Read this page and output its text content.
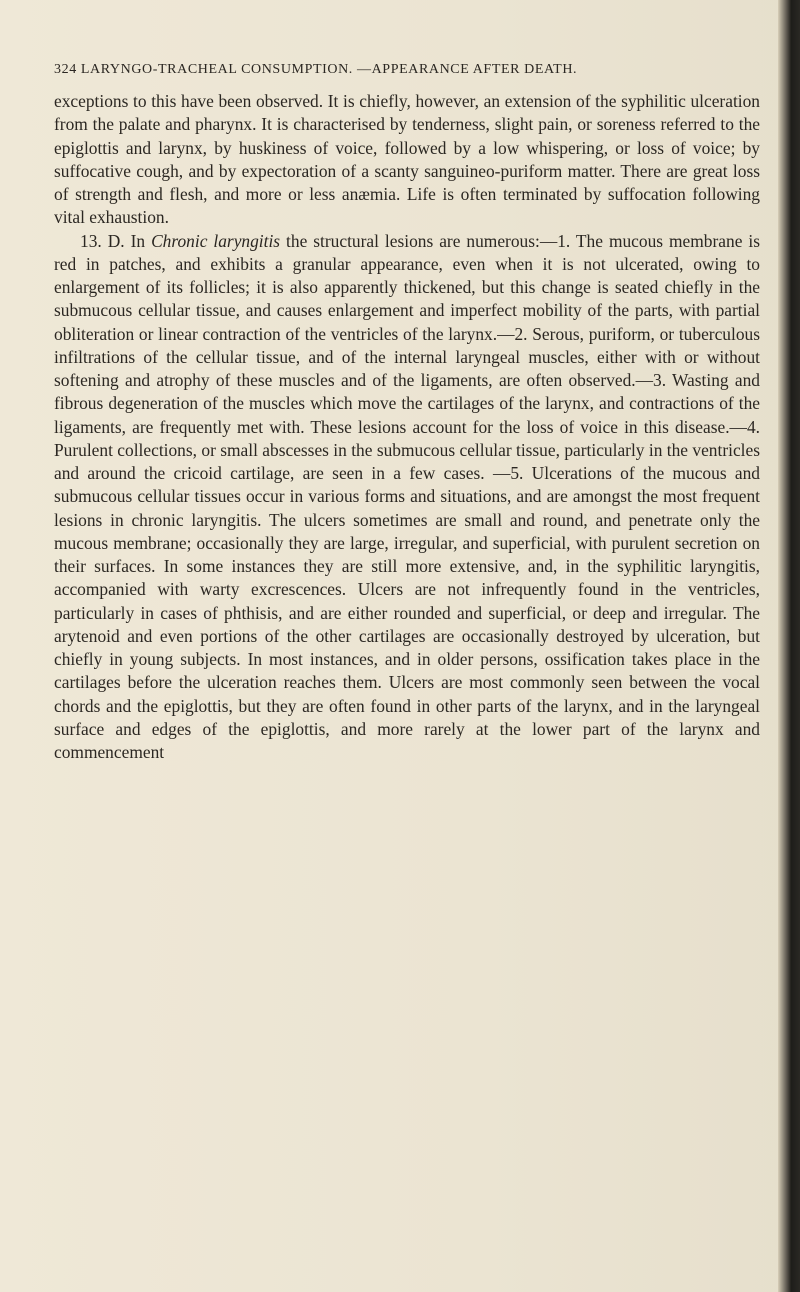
324 LARYNGO-TRACHEAL CONSUMPTION. —APPEARANCE AFTER DEATH.

exceptions to this have been observed. It is chiefly, however, an extension of the syphilitic ulceration from the palate and pharynx. It is characterised by tenderness, slight pain, or soreness referred to the epiglottis and larynx, by huskiness of voice, followed by a low whispering, or loss of voice; by suffocative cough, and by expectoration of a scanty sanguineo-puriform matter. There are great loss of strength and flesh, and more or less anæmia. Life is often terminated by suffocation following vital exhaustion.

13. D. In Chronic laryngitis the structural lesions are numerous:—1. The mucous membrane is red in patches, and exhibits a granular appearance, even when it is not ulcerated, owing to enlargement of its follicles; it is also apparently thickened, but this change is seated chiefly in the submucous cellular tissue, and causes enlargement and imperfect mobility of the parts, with partial obliteration or linear contraction of the ventricles of the larynx.—2. Serous, puriform, or tuberculous infiltrations of the cellular tissue, and of the internal laryngeal muscles, either with or without softening and atrophy of these muscles and of the ligaments, are often observed.—3. Wasting and fibrous degeneration of the muscles which move the cartilages of the larynx, and contractions of the ligaments, are frequently met with. These lesions account for the loss of voice in this disease.—4. Purulent collections, or small abscesses in the submucous cellular tissue, particularly in the ventricles and around the cricoid cartilage, are seen in a few cases. —5. Ulcerations of the mucous and submucous cellular tissues occur in various forms and situations, and are amongst the most frequent lesions in chronic laryngitis. The ulcers sometimes are small and round, and penetrate only the mucous membrane; occasionally they are large, irregular, and superficial, with purulent secretion on their surfaces. In some instances they are still more extensive, and, in the syphilitic laryngitis, accompanied with warty excrescences. Ulcers are not infrequently found in the ventricles, particularly in cases of phthisis, and are either rounded and superficial, or deep and irregular. The arytenoid and even portions of the other cartilages are occasionally destroyed by ulceration, but chiefly in young subjects. In most instances, and in older persons, ossification takes place in the cartilages before the ulceration reaches them. Ulcers are most commonly seen between the vocal chords and the epiglottis, but they are often found in other parts of the larynx, and in the laryngeal surface and edges of the epiglottis, and more rarely at the lower part of the larynx and commencement
